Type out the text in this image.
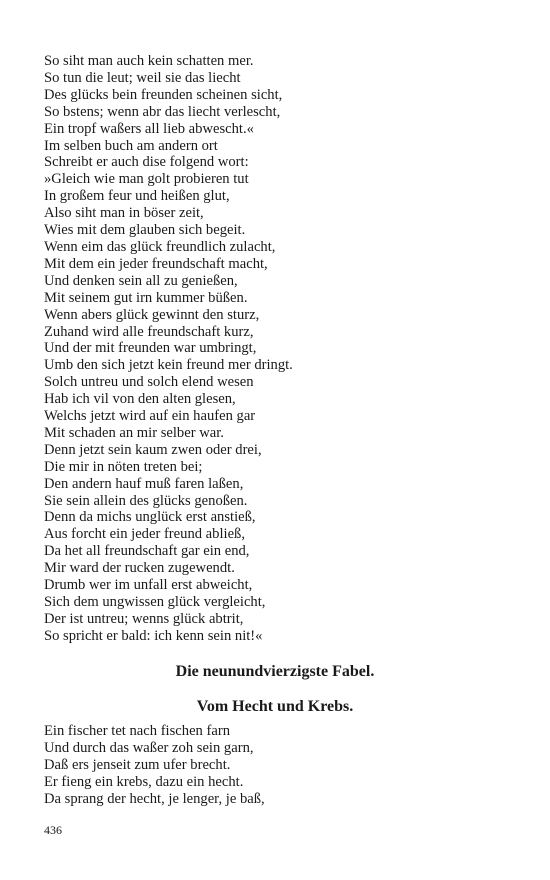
So siht man auch kein schatten mer.
So tun die leut; weil sie das liecht
Des glücks bein freunden scheinen sicht,
So bstens; wenn abr das liecht verlescht,
Ein tropf waßers all lieb abwescht.«
Im selben buch am andern ort
Schreibt er auch dise folgend wort:
»Gleich wie man golt probieren tut
In großem feur und heißen glut,
Also siht man in böser zeit,
Wies mit dem glauben sich begeit.
Wenn eim das glück freundlich zulacht,
Mit dem ein jeder freundschaft macht,
Und denken sein all zu genießen,
Mit seinem gut irn kummer büßen.
Wenn abers glück gewinnt den sturz,
Zuhand wird alle freundschaft kurz,
Und der mit freunden war umbringt,
Umb den sich jetzt kein freund mer dringt.
Solch untreu und solch elend wesen
Hab ich vil von den alten glesen,
Welchs jetzt wird auf ein haufen gar
Mit schaden an mir selber war.
Denn jetzt sein kaum zwen oder drei,
Die mir in nöten treten bei;
Den andern hauf muß faren laßen,
Sie sein allein des glücks genoßen.
Denn da michs unglück erst anstieß,
Aus forcht ein jeder freund abließ,
Da het all freundschaft gar ein end,
Mir ward der rucken zugewendt.
Drumb wer im unfall erst abweicht,
Sich dem ungwissen glück vergleicht,
Der ist untreu; wenns glück abtrit,
So spricht er bald: ich kenn sein nit!«
Die neunundvierzigste Fabel.
Vom Hecht und Krebs.
Ein fischer tet nach fischen farn
Und durch das waßer zoh sein garn,
Daß ers jenseit zum ufer brecht.
Er fieng ein krebs, dazu ein hecht.
Da sprang der hecht, je lenger, je baß,
436
